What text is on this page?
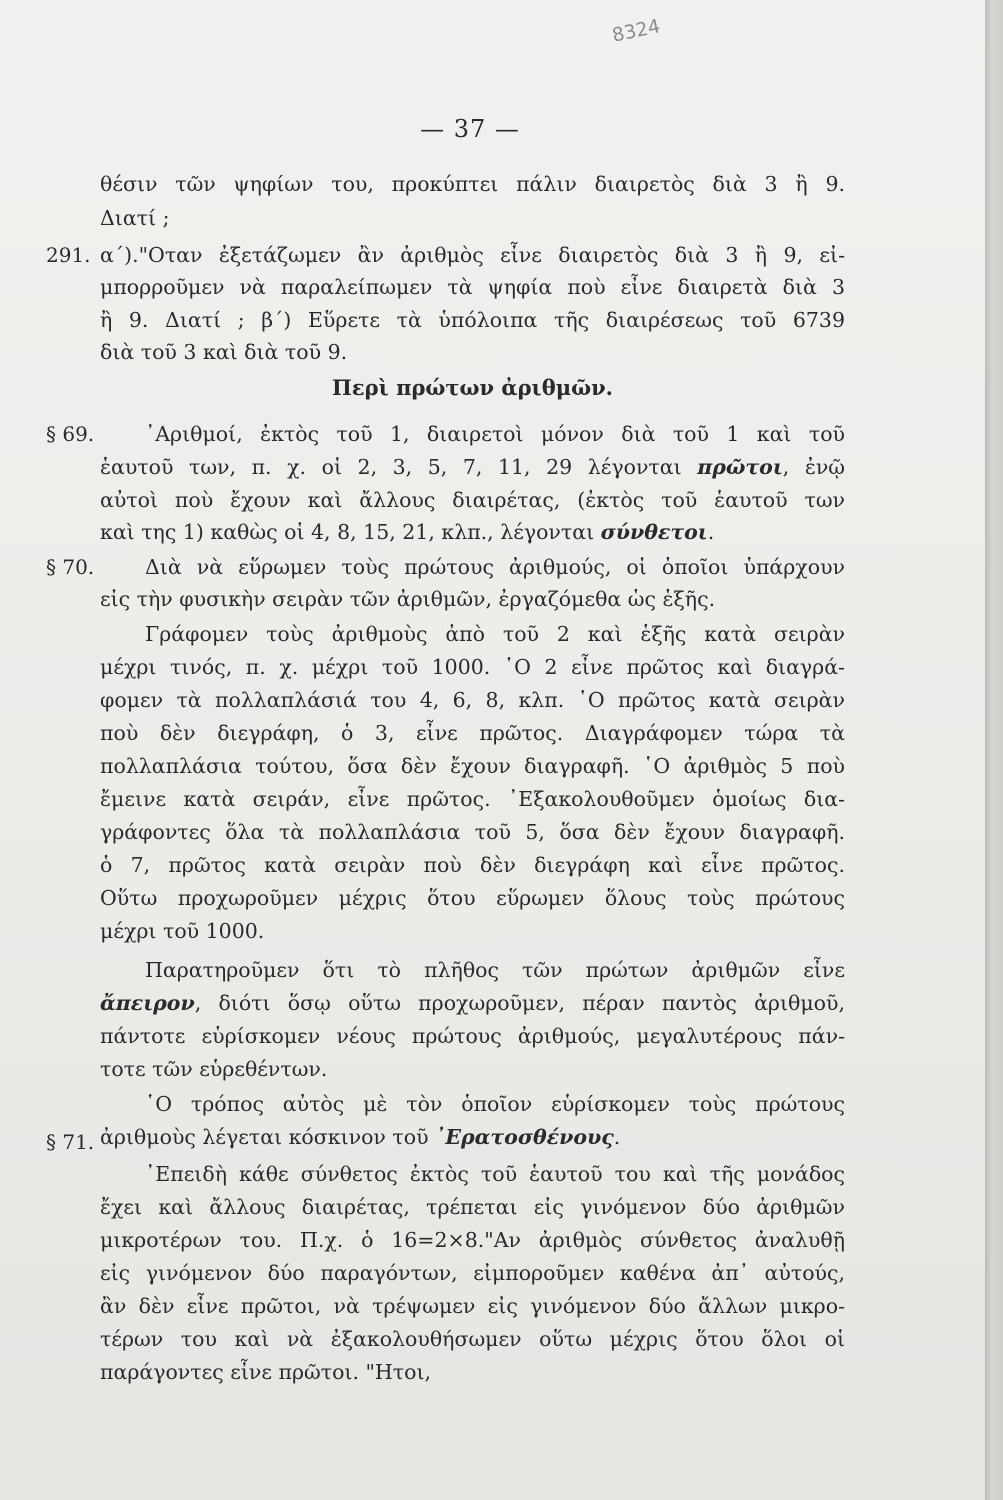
8324
— 37 —
291.
§ 69.
§ 70.
§ 71.
Περὶ πρώτων ἀριθμῶν.
θέσιν τῶν ψηφίων του, προκύπτει πάλιν διαιρετὸς διὰ 3 ἢ 9.
Διατί ;
α΄)."Οταν ἐξετάζωμεν ἂν ἀριθμὸς εἶνε διαιρετὸς διὰ 3 ἢ 9, εἰ-
μπορροῦμεν νὰ παραλείπωμεν τὰ ψηφία ποὺ εἶνε διαιρετὰ διὰ 3
ἢ 9. Διατί ; β΄) Εὕρετε τὰ ὑπόλοιπα τῆς διαιρέσεως τοῦ 6739
διὰ τοῦ 3 καὶ διὰ τοῦ 9.
᾿Αριθμοί, ἐκτὸς τοῦ 1, διαιρετοὶ μόνον διὰ τοῦ 1 καὶ τοῦ
ἑαυτοῦ των, π. χ. οἱ 2, 3, 5, 7, 11, 29 λέγονται πρῶτοι, ἐνῷ
αὐτοὶ ποὺ ἔχουν καὶ ἄλλους διαιρέτας, (ἐκτὸς τοῦ ἑαυτοῦ των
καὶ της 1) καθὼς οἱ 4, 8, 15, 21, κλπ., λέγονται σύνθετοι.
Διὰ νὰ εὕρωμεν τοὺς πρώτους ἀριθμούς, οἱ ὁποῖοι ὑπάρχουν
εἰς τὴν φυσικὴν σειρὰν τῶν ἀριθμῶν, ἐργαζόμεθα ὡς ἑξῆς.
Γράφομεν τοὺς ἀριθμοὺς ἀπὸ τοῦ 2 καὶ ἑξῆς κατὰ σειρὰν
μέχρι τινός, π. χ. μέχρι τοῦ 1000. ῾Ο 2 εἶνε πρῶτος καὶ διαγρά-
φομεν τὰ πολλαπλάσιά του 4, 6, 8, κλπ. ῾Ο πρῶτος κατὰ σειρὰν
ποὺ δὲν διεγράφη, ὁ 3, εἶνε πρῶτος. Διαγράφομεν τώρα τὰ
πολλαπλάσια τούτου, ὅσα δὲν ἔχουν διαγραφῆ. ῾Ο ἀριθμὸς 5 ποὺ
ἔμεινε κατὰ σειράν, εἶνε πρῶτος. ᾿Εξακολουθοῦμεν ὁμοίως δια-
γράφοντες ὅλα τὰ πολλαπλάσια τοῦ 5, ὅσα δὲν ἔχουν διαγραφῆ.
ὁ 7, πρῶτος κατὰ σειρὰν ποὺ δὲν διεγράφη καὶ εἶνε πρῶτος.
Οὕτω προχωροῦμεν μέχρις ὅτου εὕρωμεν ὅλους τοὺς πρώτους
μέχρι τοῦ 1000.
Παρατηροῦμεν ὅτι τὸ πλῆθος τῶν πρώτων ἀριθμῶν εἶνε
ἄπειρον, διότι ὅσῳ οὕτω προχωροῦμεν, πέραν παντὸς ἀριθμοῦ,
πάντοτε εὑρίσκομεν νέους πρώτους ἀριθμούς, μεγαλυτέρους πάν-
τοτε τῶν εὑρεθέντων.
῾Ο τρόπος αὐτὸς μὲ τὸν ὁποῖον εὑρίσκομεν τοὺς πρώτους
ἀριθμοὺς λέγεται κόσκινον τοῦ ᾿Ερατοσθένους.
᾿Επειδὴ κάθε σύνθετος ἐκτὸς τοῦ ἑαυτοῦ του καὶ τῆς μονάδος
ἔχει καὶ ἄλλους διαιρέτας, τρέπεται εἰς γινόμενον δύο ἀριθμῶν
μικροτέρων του. Π.χ. ὁ 16=2×8."Αν ἀριθμὸς σύνθετος ἀναλυθῇ
εἰς γινόμενον δύο παραγόντων, εἰμποροῦμεν καθένα ἀπ᾿ αὐτούς,
ἂν δὲν εἶνε πρῶτοι, νὰ τρέψωμεν εἰς γινόμενον δύο ἄλλων μικρο-
τέρων του καὶ νὰ ἐξακολουθήσωμεν οὕτω μέχρις ὅτου ὅλοι οἱ
παράγοντες εἶνε πρῶτοι. "Ητοι,
